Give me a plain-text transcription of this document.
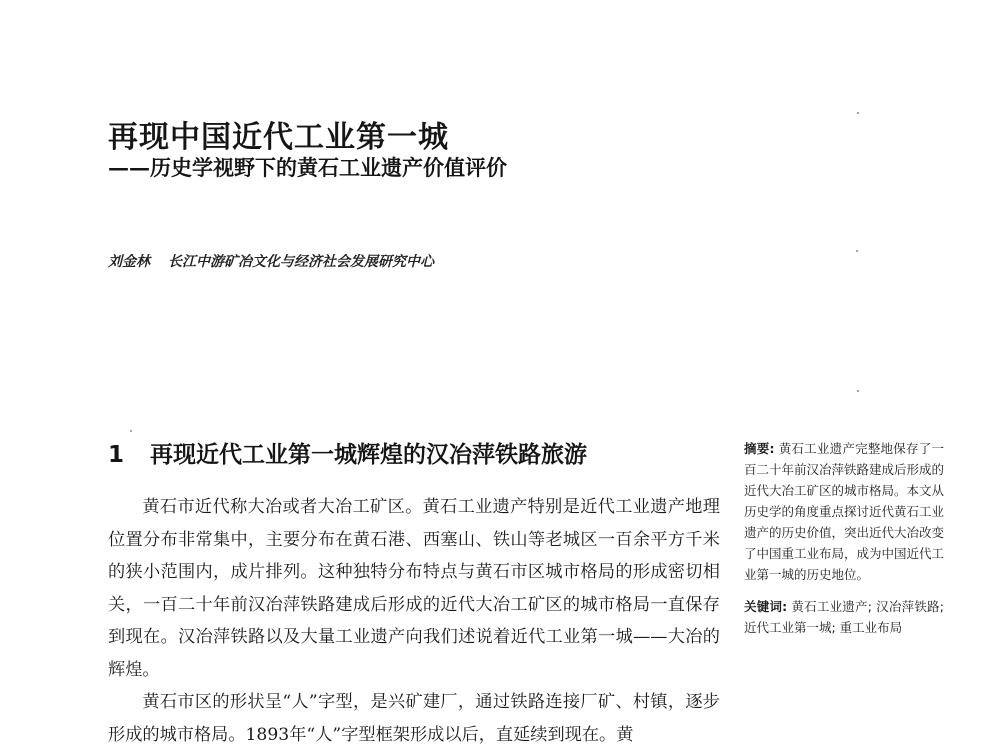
再现中国近代工业第一城
——历史学视野下的黄石工业遗产价值评价
刘金林 长江中游矿冶文化与经济社会发展研究中心
1 再现近代工业第一城辉煌的汉冶萍铁路旅游

黄石市近代称大冶或者大冶工矿区。黄石工业遗产特别是近代工业遗产地理位置分布非常集中，主要分布在黄石港、西塞山、铁山等老城区一百余平方千米的狭小范围内，成片排列。这种独特分布特点与黄石市区城市格局的形成密切相关，一百二十年前汉冶萍铁路建成后形成的近代大冶工矿区的城市格局一直保存到现在。汉冶萍铁路以及大量工业遗产向我们述说着近代工业第一城——大冶的辉煌。

黄石市区的形状呈“人”字型，是兴矿建厂，通过铁路连接厂矿、村镇，逐步形成的城市格局。1893年“人”字型框架形成以后，直延续到现在。黄

摘要: 黄石工业遗产完整地保存了一百二十年前汉冶萍铁路建成后形成的近代大冶工矿区的城市格局。本文从历史学的角度重点探讨近代黄石工业遗产的历史价值，突出近代大冶改变了中国重工业布局，成为中国近代工业第一城的历史地位。

关键词: 黄石工业遗产; 汉冶萍铁路; 近代工业第一城; 重工业布局
